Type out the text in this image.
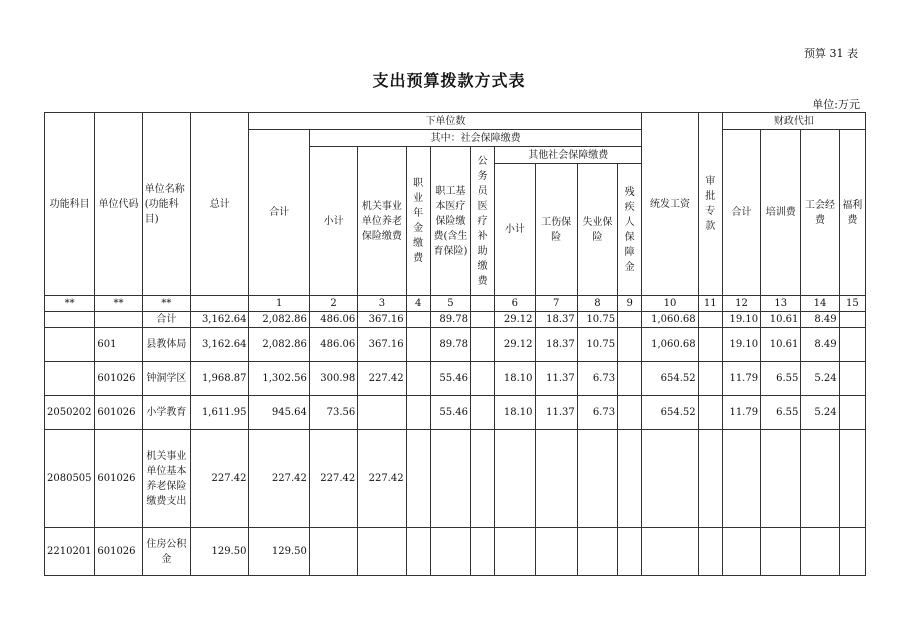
预算 31 表
支出预算拨款方式表
单位:万元
功能科目	单位代码	单位名称(功能科目)	总计	下单位数										统发工资	审批专款	财政代扣			
				合计	其中：社会保障缴费											合计	培训费	工会经费	福利费
					小计	机关事业单位养老保险缴费	职业年金缴费	职工基本医疗保险缴费(含生育保险)	公务员医疗补助缴费	其他社会保障缴费									
										小计	工伤保险	失业保险	残疾人保障金						
**	**	**		1	2	3	4	5		6	7	8	9	10	11	12	13	14	15
		合计	3,162.64	2,082.86	486.06	367.16		89.78		29.12	18.37	10.75		1,060.68		19.10	10.61	8.49	
	601	县教体局	3,162.64	2,082.86	486.06	367.16		89.78		29.12	18.37	10.75		1,060.68		19.10	10.61	8.49	
	601026	钟洞学区	1,968.87	1,302.56	300.98	227.42		55.46		18.10	11.37	6.73		654.52		11.79	6.55	5.24	
2050202	601026	小学教育	1,611.95	945.64	73.56			55.46		18.10	11.37	6.73		654.52		11.79	6.55	5.24	
2080505	601026	机关事业单位基本养老保险缴费支出	227.42	227.42	227.42	227.42													
2210201	601026	住房公积金	129.50	129.50															
